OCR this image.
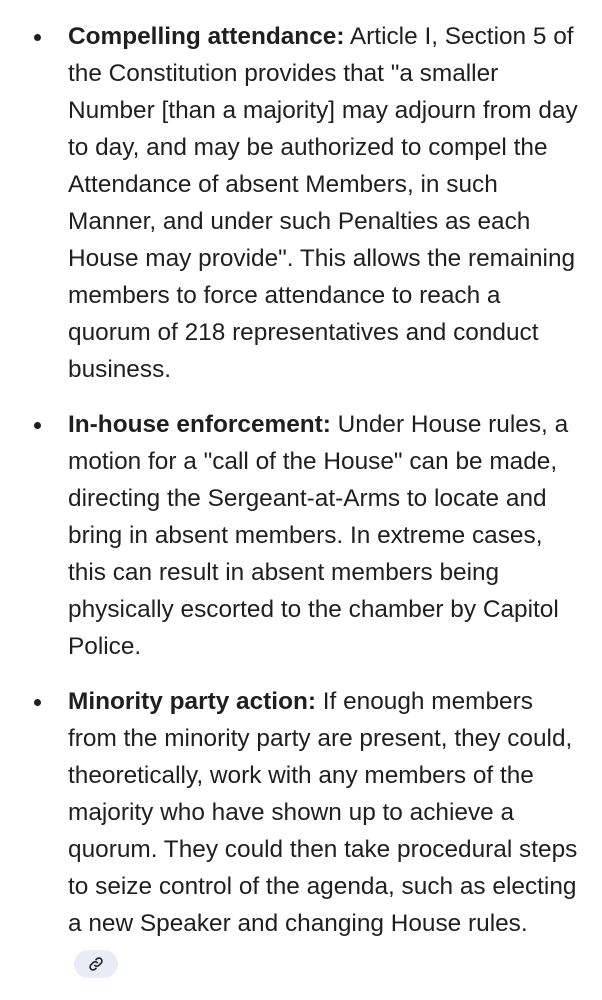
Compelling attendance: Article I, Section 5 of the Constitution provides that "a smaller Number [than a majority] may adjourn from day to day, and may be authorized to compel the Attendance of absent Members, in such Manner, and under such Penalties as each House may provide". This allows the remaining members to force attendance to reach a quorum of 218 representatives and conduct business.
In-house enforcement: Under House rules, a motion for a "call of the House" can be made, directing the Sergeant-at-Arms to locate and bring in absent members. In extreme cases, this can result in absent members being physically escorted to the chamber by Capitol Police.
Minority party action: If enough members from the minority party are present, they could, theoretically, work with any members of the majority who have shown up to achieve a quorum. They could then take procedural steps to seize control of the agenda, such as electing a new Speaker and changing House rules.
